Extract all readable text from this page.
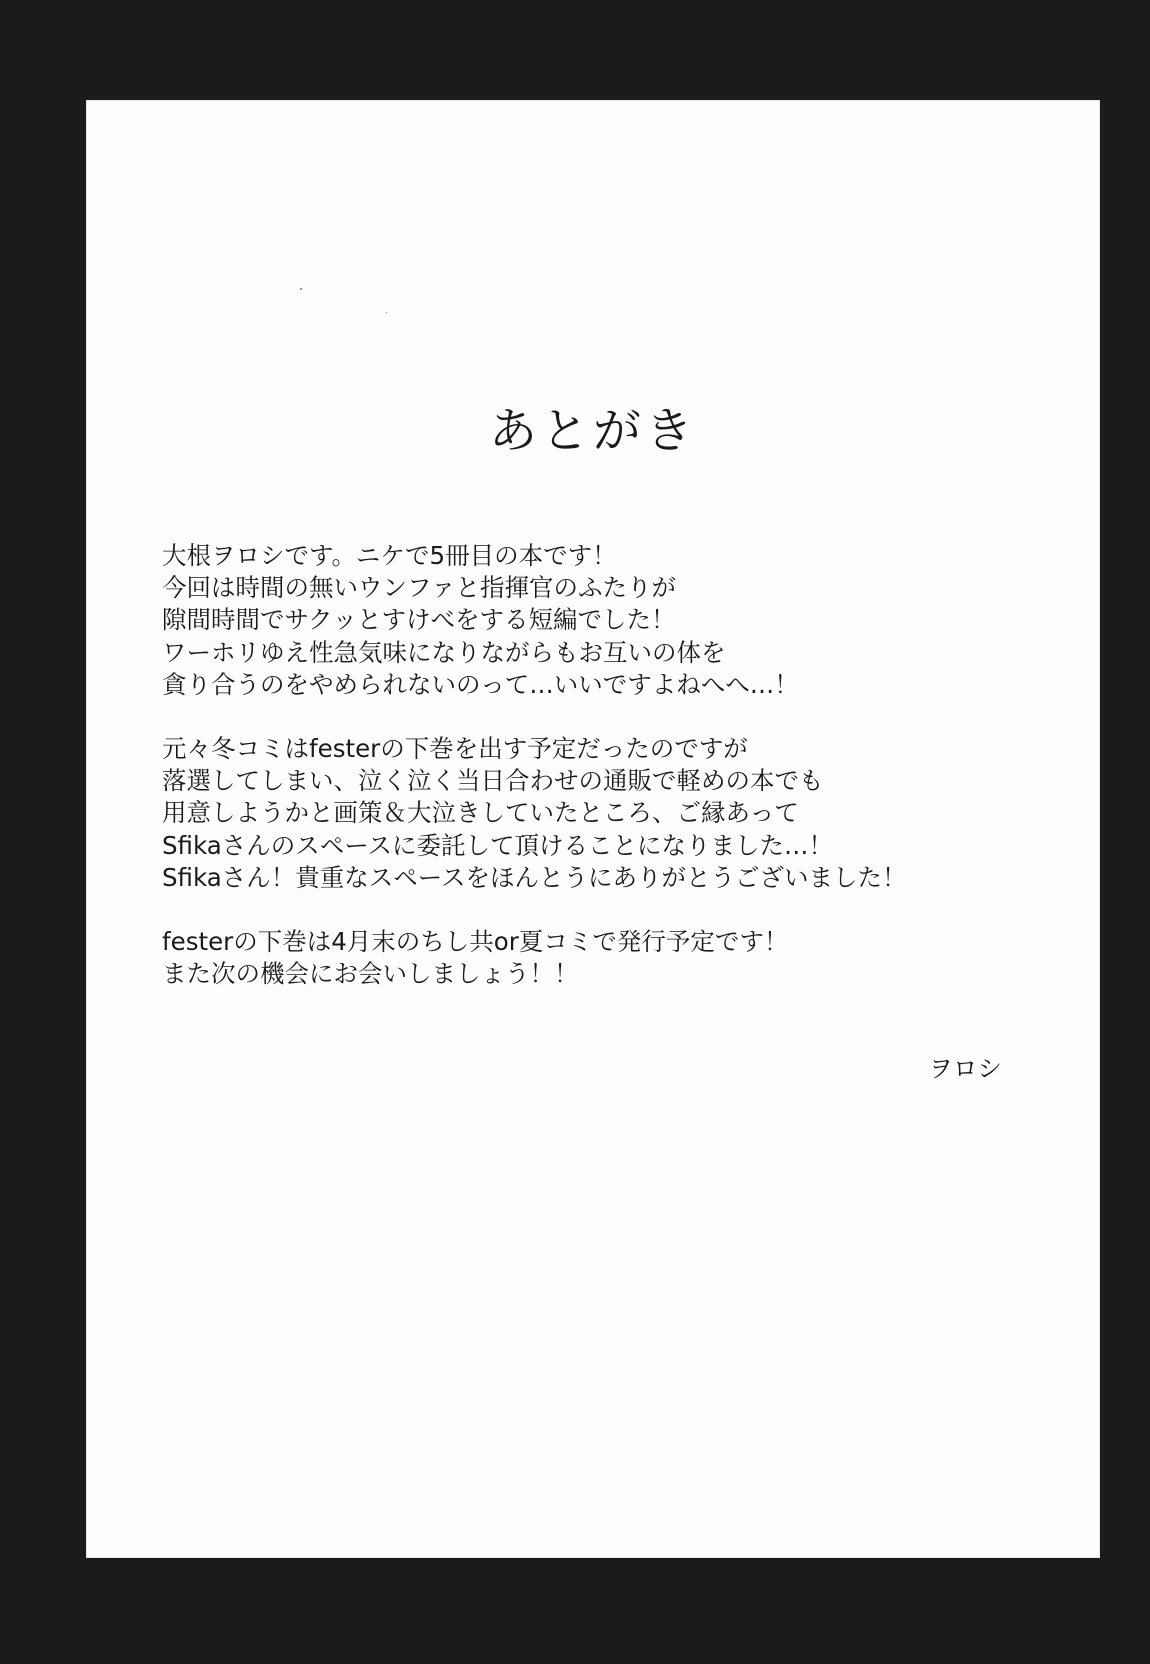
あとがき

大根ヲロシです。ニケで5冊目の本です！
今回は時間の無いウンファと指揮官のふたりが
隙間時間でサクッとすけべをする短編でした！
ワーホリゆえ性急気味になりながらもお互いの体を
貪り合うのをやめられないのって…いいですよねへへ…！

元々冬コミはfesterの下巻を出す予定だったのですが
落選してしまい、泣く泣く当日合わせの通販で軽めの本でも
用意しようかと画策＆大泣きしていたところ、ご縁あって
Sfikaさんのスペースに委託して頂けることになりました…！
Sfikaさん！貴重なスペースをほんとうにありがとうございました！

festerの下巻は4月末のちし共or夏コミで発行予定です！
また次の機会にお会いしましょう！！

ヲロシ
